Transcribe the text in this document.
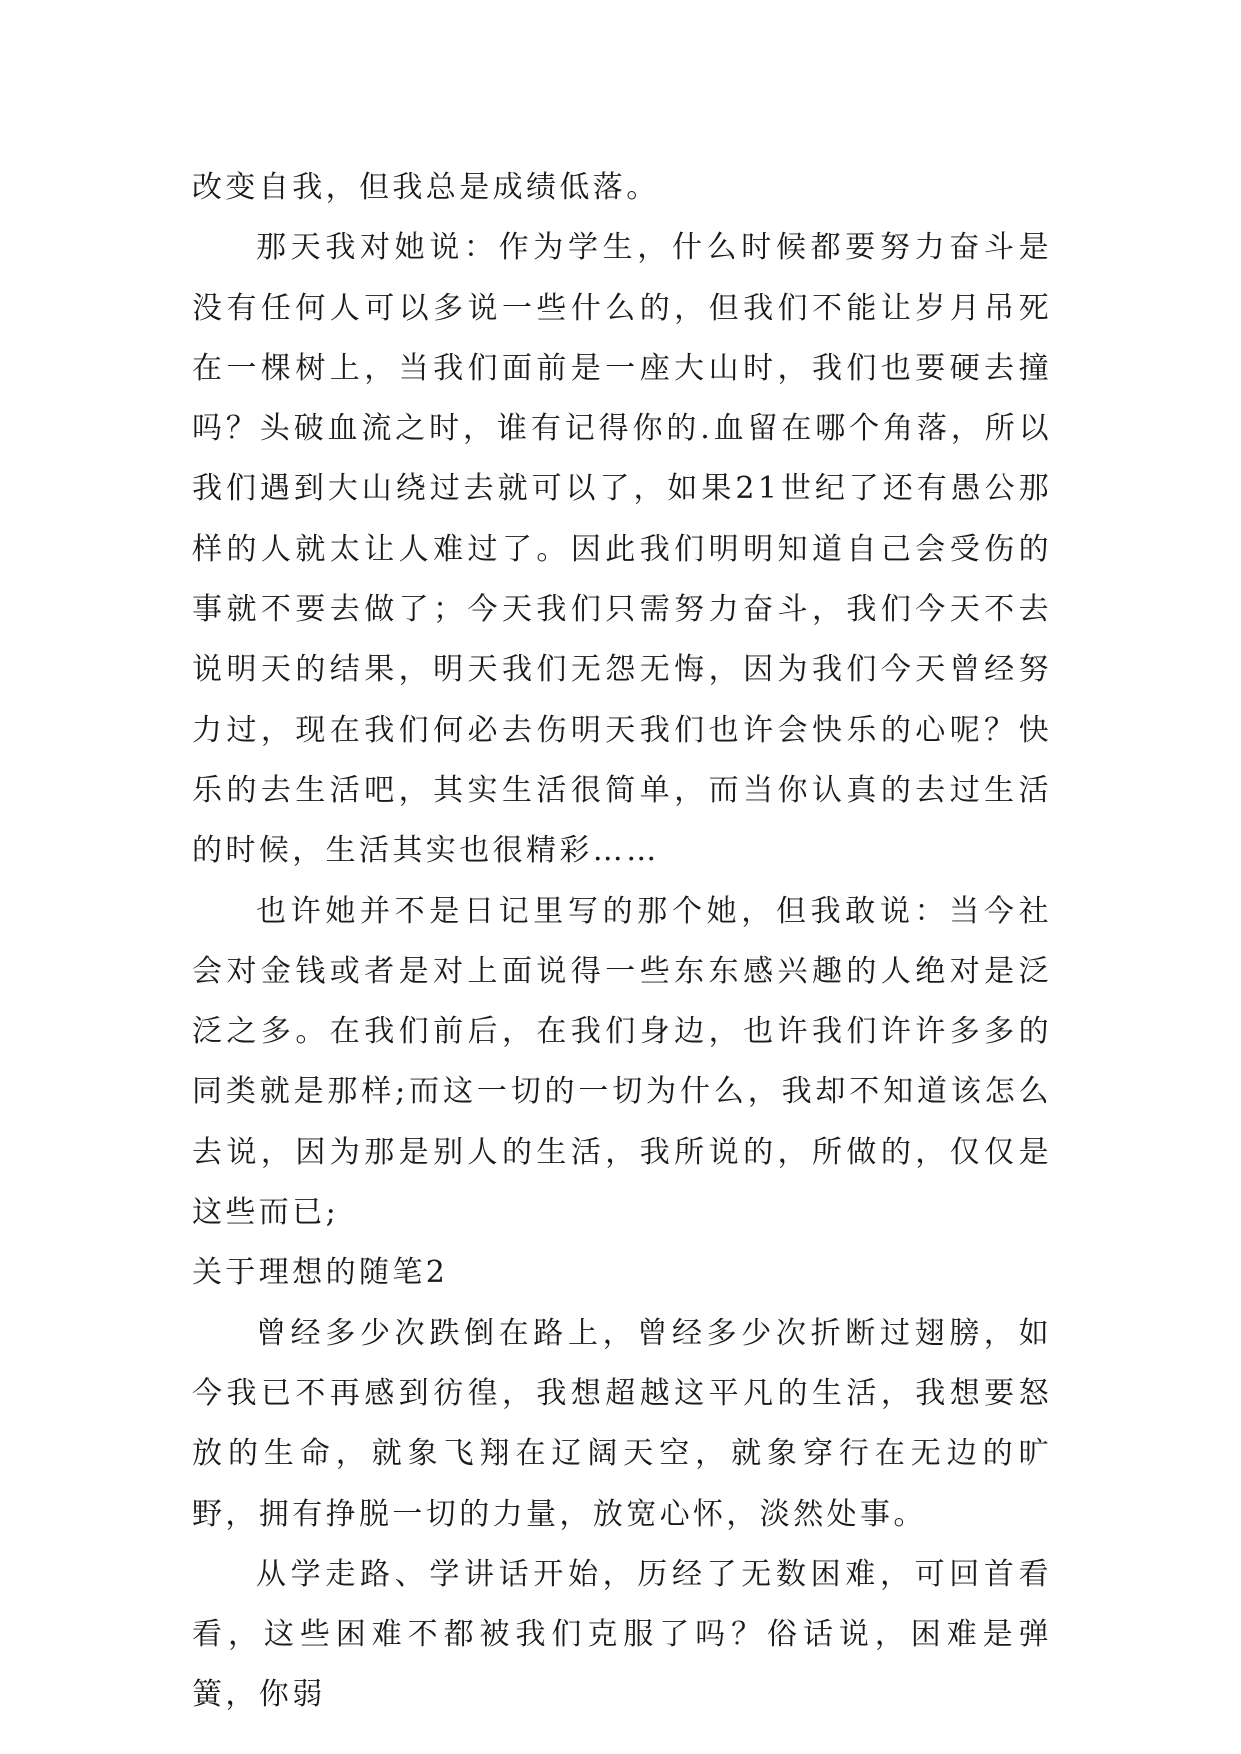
改变自我，但我总是成绩低落。

那天我对她说：作为学生，什么时候都要努力奋斗是没有任何人可以多说一些什么的，但我们不能让岁月吊死在一棵树上，当我们面前是一座大山时，我们也要硬去撞吗？头破血流之时，谁有记得你的.血留在哪个角落，所以我们遇到大山绕过去就可以了，如果21世纪了还有愚公那样的人就太让人难过了。因此我们明明知道自己会受伤的事就不要去做了；今天我们只需努力奋斗，我们今天不去说明天的结果，明天我们无怨无悔，因为我们今天曾经努力过，现在我们何必去伤明天我们也许会快乐的心呢？快乐的去生活吧，其实生活很简单，而当你认真的去过生活的时候，生活其实也很精彩……

也许她并不是日记里写的那个她，但我敢说：当今社会对金钱或者是对上面说得一些东东感兴趣的人绝对是泛泛之多。在我们前后，在我们身边，也许我们许许多多的同类就是那样;而这一切的一切为什么，我却不知道该怎么去说，因为那是别人的生活，我所说的，所做的，仅仅是这些而已;

关于理想的随笔2

曾经多少次跌倒在路上，曾经多少次折断过翅膀，如今我已不再感到彷徨，我想超越这平凡的生活，我想要怒放的生命，就象飞翔在辽阔天空，就象穿行在无边的旷野，拥有挣脱一切的力量，放宽心怀，淡然处事。

从学走路、学讲话开始，历经了无数困难，可回首看看，这些困难不都被我们克服了吗？俗话说，困难是弹簧，你弱
